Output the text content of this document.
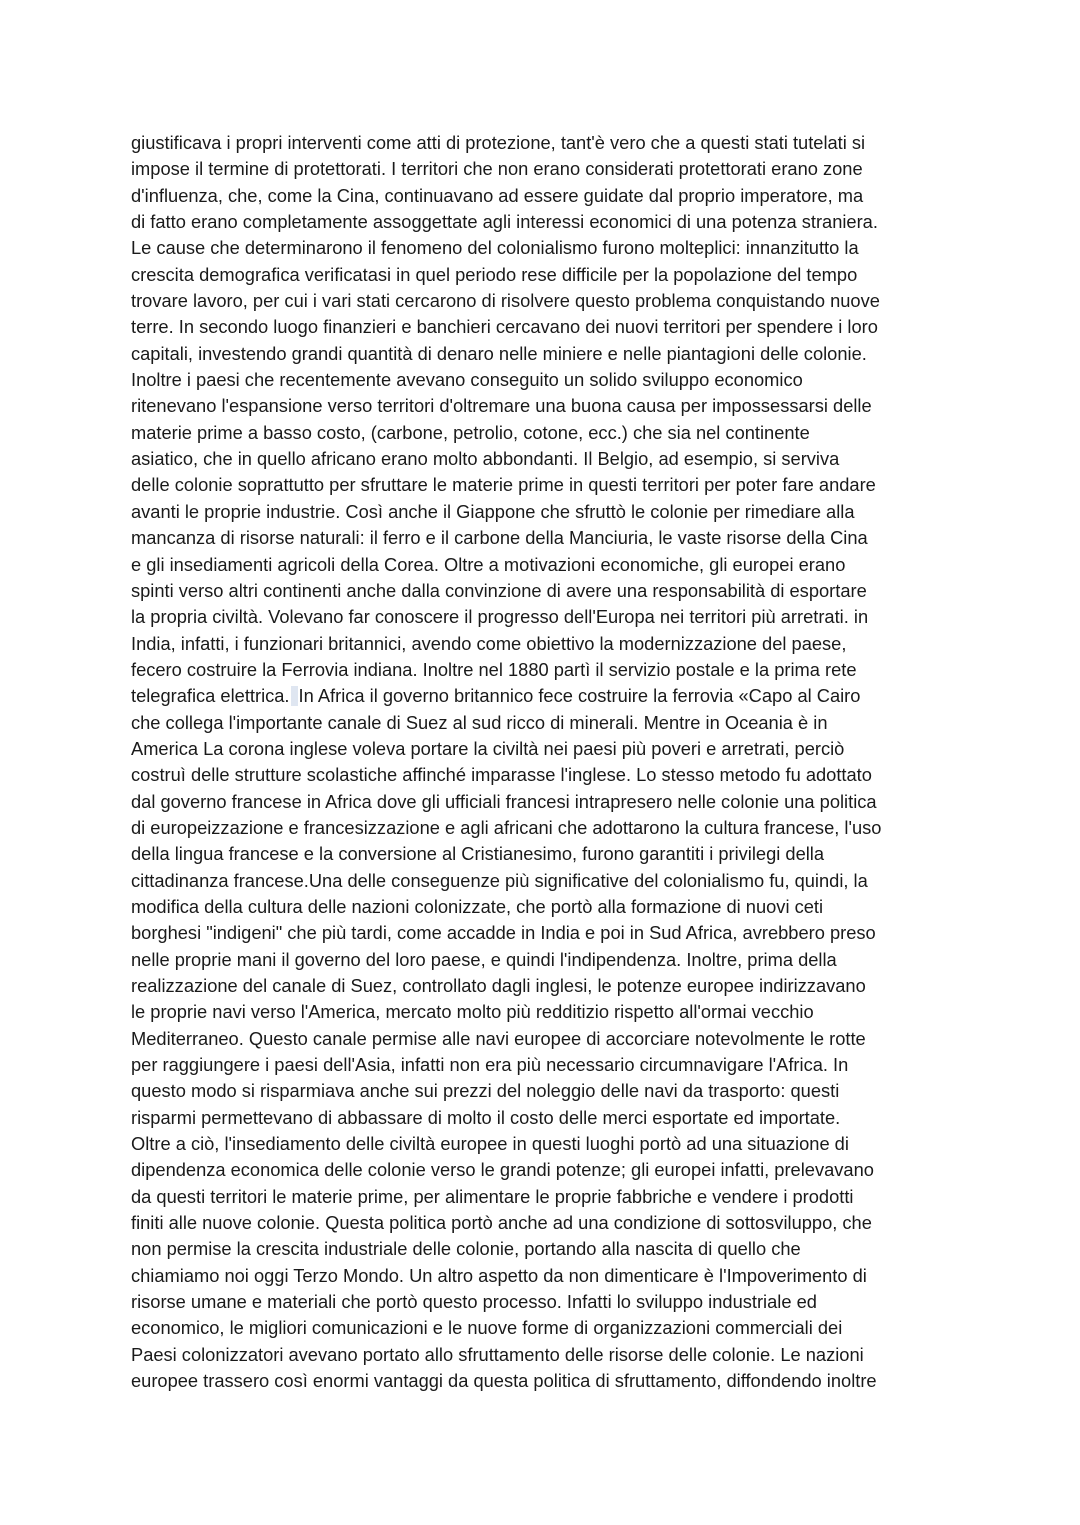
giustificava i propri interventi come atti di protezione, tant'è vero che a questi stati tutelati si
impose il termine di protettorati. I territori che non erano considerati protettorati erano zone
d'influenza, che, come la Cina, continuavano ad essere guidate dal proprio imperatore, ma
di fatto erano completamente assoggettate agli interessi economici di una potenza straniera.
Le cause che determinarono il fenomeno del colonialismo furono molteplici: innanzitutto la
crescita demografica verificatasi in quel periodo rese difficile per la popolazione del tempo
trovare lavoro, per cui i vari stati cercarono di risolvere questo problema conquistando nuove
terre. In secondo luogo finanzieri e banchieri cercavano dei nuovi territori per spendere i loro
capitali, investendo grandi quantità di denaro nelle miniere e nelle piantagioni delle colonie.
Inoltre i paesi che recentemente avevano conseguito un solido sviluppo economico
ritenevano l'espansione verso territori d'oltremare una buona causa per impossessarsi delle
materie prime a basso costo, (carbone, petrolio, cotone, ecc.) che sia nel continente
asiatico, che in quello africano erano molto abbondanti. Il Belgio, ad esempio, si serviva
delle colonie soprattutto per sfruttare le materie prime in questi territori per poter fare andare
avanti le proprie industrie. Così anche il Giappone che sfruttò le colonie per rimediare alla
mancanza di risorse naturali: il ferro e il carbone della Manciuria, le vaste risorse della Cina
e gli insediamenti agricoli della Corea. Oltre a motivazioni economiche, gli europei erano
spinti verso altri continenti anche dalla convinzione di avere una responsabilità di esportare
la propria civiltà. Volevano far conoscere il progresso dell'Europa nei territori più arretrati. in
India, infatti, i funzionari britannici, avendo come obiettivo la modernizzazione del paese,
fecero costruire la Ferrovia indiana. Inoltre nel 1880 partì il servizio postale e la prima rete
telegrafica elettrica. In Africa il governo britannico fece costruire la ferrovia «Capo al Cairo
che collega l'importante canale di Suez al sud ricco di minerali. Mentre in Oceania è in
America La corona inglese voleva portare la civiltà nei paesi più poveri e arretrati, perciò
costruì delle strutture scolastiche affinché imparasse l'inglese. Lo stesso metodo fu adottato
dal governo francese in Africa dove gli ufficiali francesi intrapresero nelle colonie una politica
di europeizzazione e francesizzazione e agli africani che adottarono la cultura francese, l'uso
della lingua francese e la conversione al Cristianesimo, furono garantiti i privilegi della
cittadinanza francese.Una delle conseguenze più significative del colonialismo fu, quindi, la
modifica della cultura delle nazioni colonizzate, che portò alla formazione di nuovi ceti
borghesi "indigeni" che più tardi, come accadde in India e poi in Sud Africa, avrebbero preso
nelle proprie mani il governo del loro paese, e quindi l'indipendenza. Inoltre, prima della
realizzazione del canale di Suez, controllato dagli inglesi, le potenze europee indirizzavano
le proprie navi verso l'America, mercato molto più redditizio rispetto all'ormai vecchio
Mediterraneo. Questo canale permise alle navi europee di accorciare notevolmente le rotte
per raggiungere i paesi dell'Asia, infatti non era più necessario circumnavigare l'Africa. In
questo modo si risparmiava anche sui prezzi del noleggio delle navi da trasporto: questi
risparmi permettevano di abbassare di molto il costo delle merci esportate ed importate.
Oltre a ciò, l'insediamento delle civiltà europee in questi luoghi portò ad una situazione di
dipendenza economica delle colonie verso le grandi potenze; gli europei infatti, prelevavano
da questi territori le materie prime, per alimentare le proprie fabbriche e vendere i prodotti
finiti alle nuove colonie. Questa politica portò anche ad una condizione di sottosviluppo, che
non permise la crescita industriale delle colonie, portando alla nascita di quello che
chiamiamo noi oggi Terzo Mondo. Un altro aspetto da non dimenticare è l'Impoverimento di
risorse umane e materiali che portò questo processo. Infatti lo sviluppo industriale ed
economico, le migliori comunicazioni e le nuove forme di organizzazioni commerciali dei
Paesi colonizzatori avevano portato allo sfruttamento delle risorse delle colonie. Le nazioni
europee trassero così enormi vantaggi da questa politica di sfruttamento, diffondendo inoltre
